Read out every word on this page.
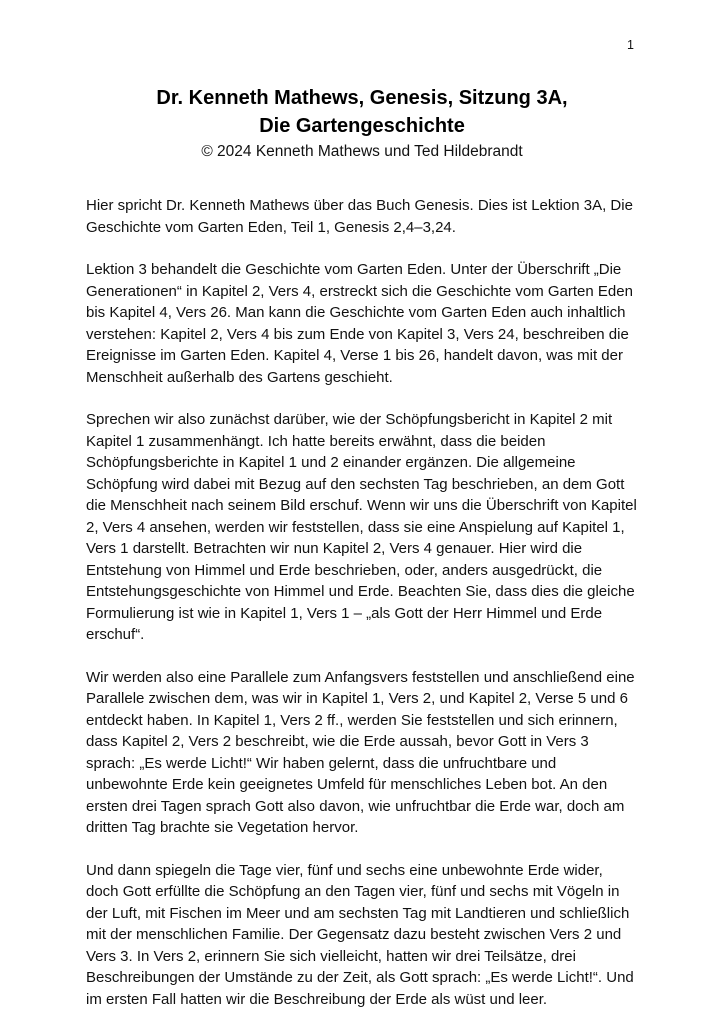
1
Dr. Kenneth Mathews, Genesis, Sitzung 3A,
Die Gartengeschichte
© 2024 Kenneth Mathews und Ted Hildebrandt

Hier spricht Dr. Kenneth Mathews über das Buch Genesis. Dies ist Lektion 3A, Die Geschichte vom Garten Eden, Teil 1, Genesis 2,4–3,24.

Lektion 3 behandelt die Geschichte vom Garten Eden. Unter der Überschrift „Die Generationen“ in Kapitel 2, Vers 4, erstreckt sich die Geschichte vom Garten Eden bis Kapitel 4, Vers 26. Man kann die Geschichte vom Garten Eden auch inhaltlich verstehen: Kapitel 2, Vers 4 bis zum Ende von Kapitel 3, Vers 24, beschreiben die Ereignisse im Garten Eden. Kapitel 4, Verse 1 bis 26, handelt davon, was mit der Menschheit außerhalb des Gartens geschieht.

Sprechen wir also zunächst darüber, wie der Schöpfungsbericht in Kapitel 2 mit Kapitel 1 zusammenhängt. Ich hatte bereits erwähnt, dass die beiden Schöpfungsberichte in Kapitel 1 und 2 einander ergänzen. Die allgemeine Schöpfung wird dabei mit Bezug auf den sechsten Tag beschrieben, an dem Gott die Menschheit nach seinem Bild erschuf. Wenn wir uns die Überschrift von Kapitel 2, Vers 4 ansehen, werden wir feststellen, dass sie eine Anspielung auf Kapitel 1, Vers 1 darstellt. Betrachten wir nun Kapitel 2, Vers 4 genauer. Hier wird die Entstehung von Himmel und Erde beschrieben, oder, anders ausgedrückt, die Entstehungsgeschichte von Himmel und Erde. Beachten Sie, dass dies die gleiche Formulierung ist wie in Kapitel 1, Vers 1 – „als Gott der Herr Himmel und Erde erschuf“.

Wir werden also eine Parallele zum Anfangsvers feststellen und anschließend eine Parallele zwischen dem, was wir in Kapitel 1, Vers 2, und Kapitel 2, Verse 5 und 6 entdeckt haben. In Kapitel 1, Vers 2 ff., werden Sie feststellen und sich erinnern, dass Kapitel 2, Vers 2 beschreibt, wie die Erde aussah, bevor Gott in Vers 3 sprach: „Es werde Licht!“ Wir haben gelernt, dass die unfruchtbare und unbewohnte Erde kein geeignetes Umfeld für menschliches Leben bot. An den ersten drei Tagen sprach Gott also davon, wie unfruchtbar die Erde war, doch am dritten Tag brachte sie Vegetation hervor.

Und dann spiegeln die Tage vier, fünf und sechs eine unbewohnte Erde wider, doch Gott erfüllte die Schöpfung an den Tagen vier, fünf und sechs mit Vögeln in der Luft, mit Fischen im Meer und am sechsten Tag mit Landtieren und schließlich mit der menschlichen Familie. Der Gegensatz dazu besteht zwischen Vers 2 und Vers 3. In Vers 2, erinnern Sie sich vielleicht, hatten wir drei Teilsätze, drei Beschreibungen der Umstände zu der Zeit, als Gott sprach: „Es werde Licht!“. Und im ersten Fall hatten wir die Beschreibung der Erde als wüst und leer.
